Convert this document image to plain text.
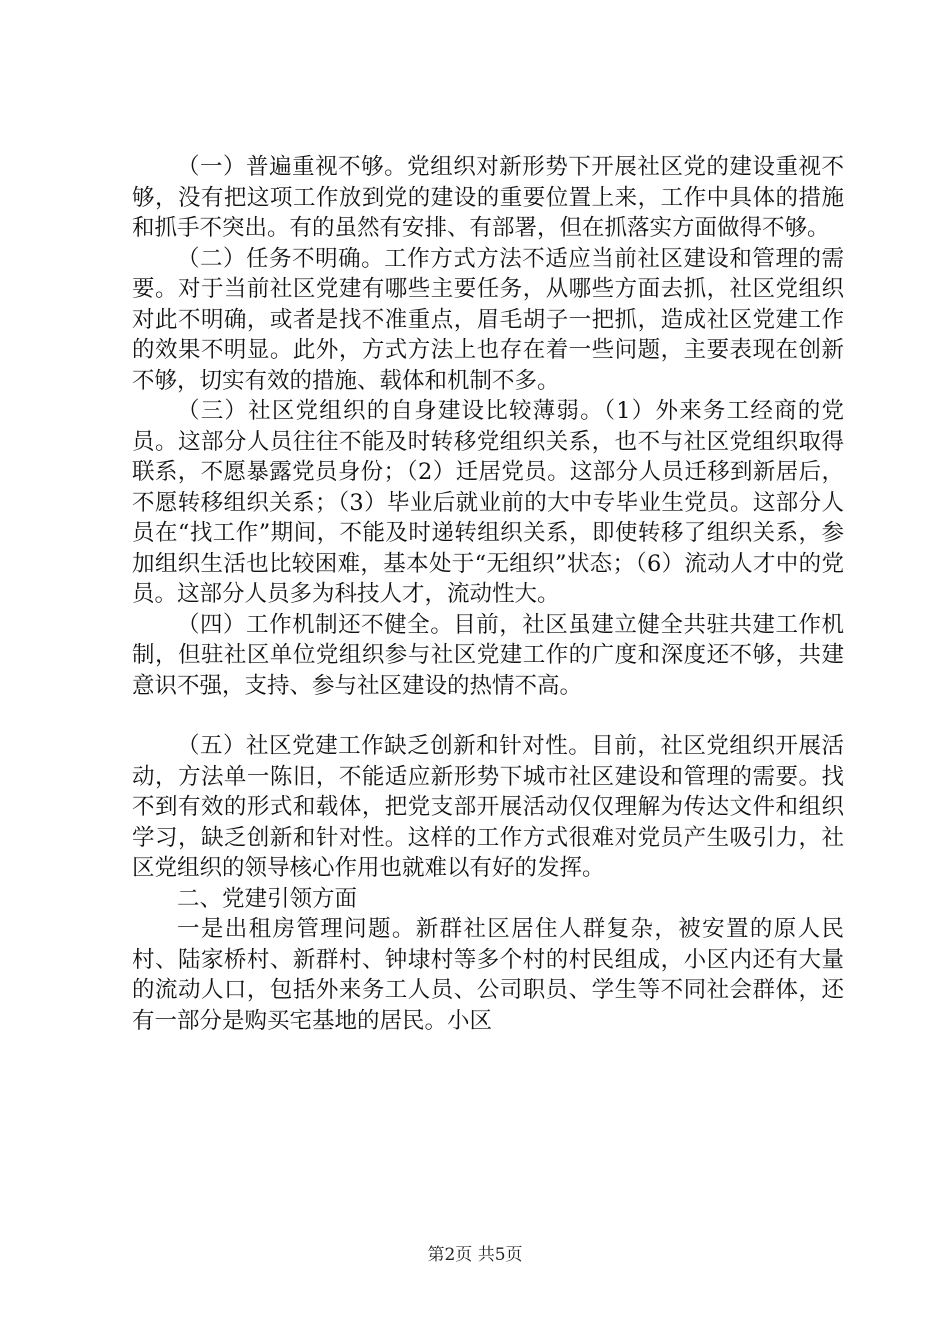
（一）普遍重视不够。党组织对新形势下开展社区党的建设重视不够，没有把这项工作放到党的建设的重要位置上来，工作中具体的措施和抓手不突出。有的虽然有安排、有部署，但在抓落实方面做得不够。

（二）任务不明确。工作方式方法不适应当前社区建设和管理的需要。对于当前社区党建有哪些主要任务，从哪些方面去抓，社区党组织对此不明确，或者是找不准重点，眉毛胡子一把抓，造成社区党建工作的效果不明显。此外，方式方法上也存在着一些问题，主要表现在创新不够，切实有效的措施、载体和机制不多。

（三）社区党组织的自身建设比较薄弱。（1）外来务工经商的党员。这部分人员往往不能及时转移党组织关系，也不与社区党组织取得联系，不愿暴露党员身份；（2）迁居党员。这部分人员迁移到新居后，不愿转移组织关系；（3）毕业后就业前的大中专毕业生党员。这部分人员在“找工作”期间，不能及时递转组织关系，即使转移了组织关系，参加组织生活也比较困难，基本处于“无组织”状态；（6）流动人才中的党员。这部分人员多为科技人才，流动性大。

（四）工作机制还不健全。目前，社区虽建立健全共驻共建工作机制，但驻社区单位党组织参与社区党建工作的广度和深度还不够，共建意识不强，支持、参与社区建设的热情不高。

（五）社区党建工作缺乏创新和针对性。目前，社区党组织开展活动，方法单一陈旧，不能适应新形势下城市社区建设和管理的需要。找不到有效的形式和载体，把党支部开展活动仅仅理解为传达文件和组织学习，缺乏创新和针对性。这样的工作方式很难对党员产生吸引力，社区党组织的领导核心作用也就难以有好的发挥。

二、党建引领方面

一是出租房管理问题。新群社区居住人群复杂，被安置的原人民村、陆家桥村、新群村、钟埭村等多个村的村民组成，小区内还有大量的流动人口，包括外来务工人员、公司职员、学生等不同社会群体，还有一部分是购买宅基地的居民。小区

第2页 共5页
